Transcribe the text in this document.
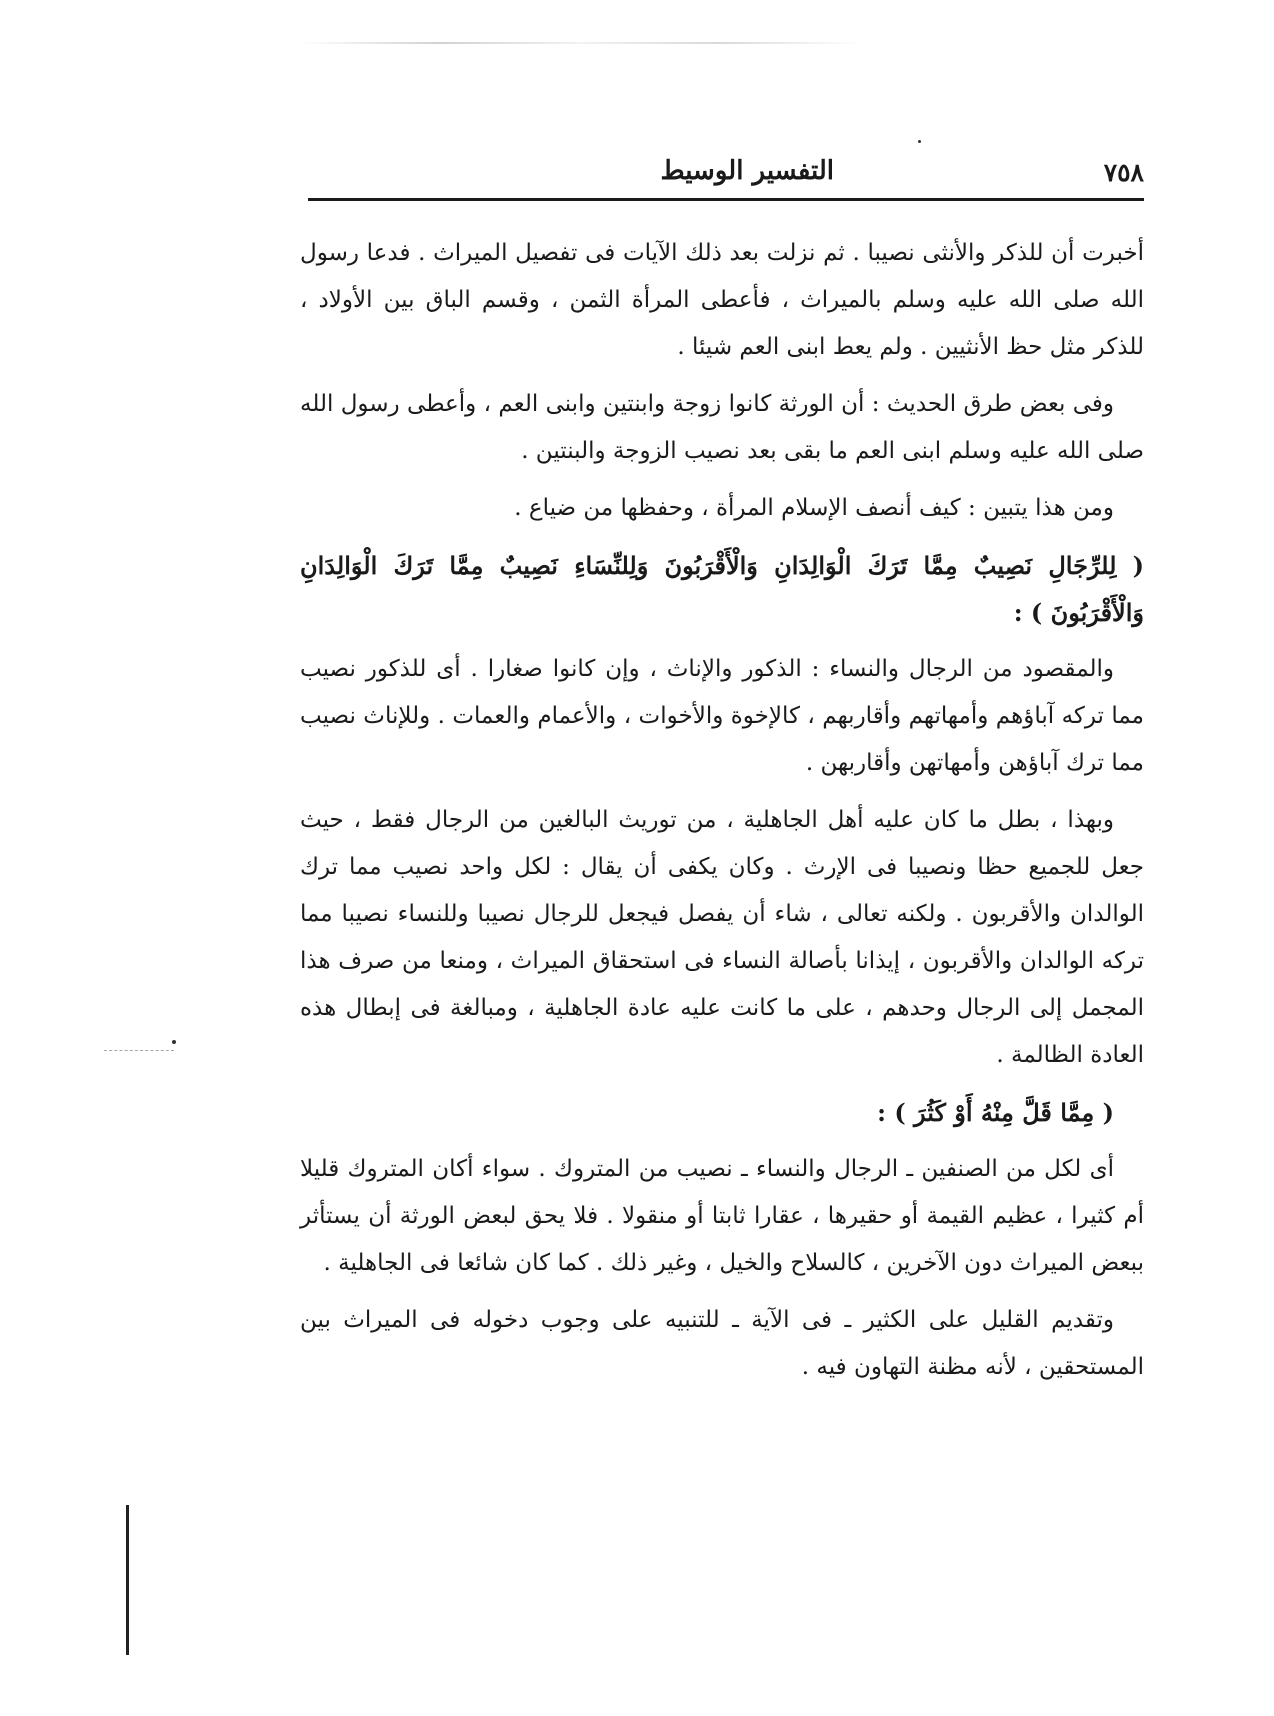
٧٥٨
التفسير الوسيط

أخبرت أن للذكر والأنثى نصيبا . ثم نزلت بعد ذلك الآيات فى تفصيل الميراث . فدعا رسول الله صلى الله عليه وسلم بالميراث ، فأعطى المرأة الثمن ، وقسم الباق بين الأولاد ، للذكر مثل حظ الأنثيين . ولم يعط ابنى العم شيئا .

وفى بعض طرق الحديث : أن الورثة كانوا زوجة وابنتين وابنى العم ، وأعطى رسول الله صلى الله عليه وسلم ابنى العم ما بقى بعد نصيب الزوجة والبنتين .

ومن هذا يتبين : كيف أنصف الإسلام المرأة ، وحفظها من ضياع .

( لِلرِّجَالِ نَصِيبٌ مِمَّا تَرَكَ الْوَالِدَانِ وَالْأَقْرَبُونَ وَلِلنِّسَاءِ نَصِيبٌ مِمَّا تَرَكَ الْوَالِدَانِ وَالْأَقْرَبُونَ ) :

والمقصود من الرجال والنساء : الذكور والإناث ، وإن كانوا صغارا . أى للذكور نصيب مما تركه آباؤهم وأمهاتهم وأقاربهم ، كالإخوة والأخوات ، والأعمام والعمات . وللإناث نصيب مما ترك آباؤهن وأمهاتهن وأقاربهن .

وبهذا ، بطل ما كان عليه أهل الجاهلية ، من توريث البالغين من الرجال فقط ، حيث جعل للجميع حظا ونصيبا فى الإرث . وكان يكفى أن يقال : لكل واحد نصيب مما ترك الوالدان والأقربون . ولكنه تعالى ، شاء أن يفصل فيجعل للرجال نصيبا وللنساء نصيبا مما تركه الوالدان والأقربون ، إيذانا بأصالة النساء فى استحقاق الميراث ، ومنعا من صرف هذا المجمل إلى الرجال وحدهم ، على ما كانت عليه عادة الجاهلية ، ومبالغة فى إبطال هذه العادة الظالمة .

( مِمَّا قَلَّ مِنْهُ أَوْ كَثُرَ ) :

أى لكل من الصنفين ـ الرجال والنساء ـ نصيب من المتروك . سواء أكان المتروك قليلا أم كثيرا ، عظيم القيمة أو حقيرها ، عقارا ثابتا أو منقولا . فلا يحق لبعض الورثة أن يستأثر ببعض الميراث دون الآخرين ، كالسلاح والخيل ، وغير ذلك . كما كان شائعا فى الجاهلية .

وتقديم القليل على الكثير ـ فى الآية ـ للتنبيه على وجوب دخوله فى الميراث بين المستحقين ، لأنه مظنة التهاون فيه .
